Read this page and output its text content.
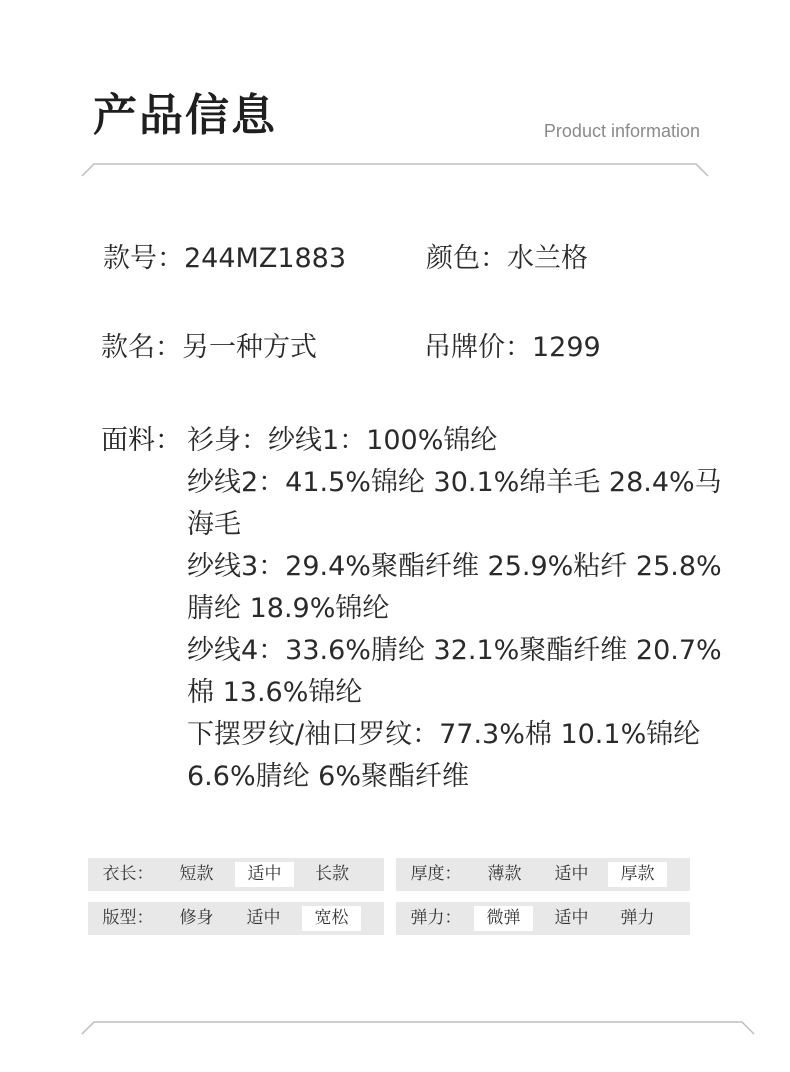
产品信息	Product information
款号：244MZ1883	颜色：水兰格
款名：另一种方式	吊牌价：1299
面料： 衫身：纱线1：100%锦纶
纱线2：41.5%锦纶 30.1%绵羊毛 28.4%马
海毛
纱线3：29.4%聚酯纤维 25.9%粘纤 25.8%
腈纶 18.9%锦纶
纱线4：33.6%腈纶 32.1%聚酯纤维 20.7%
棉 13.6%锦纶
下摆罗纹/袖口罗纹：77.3%棉 10.1%锦纶
6.6%腈纶 6%聚酯纤维
衣长：	短款	适中	长款	厚度：	薄款	适中	厚款
版型：	修身	适中	宽松	弹力：	微弹	适中	弹力
